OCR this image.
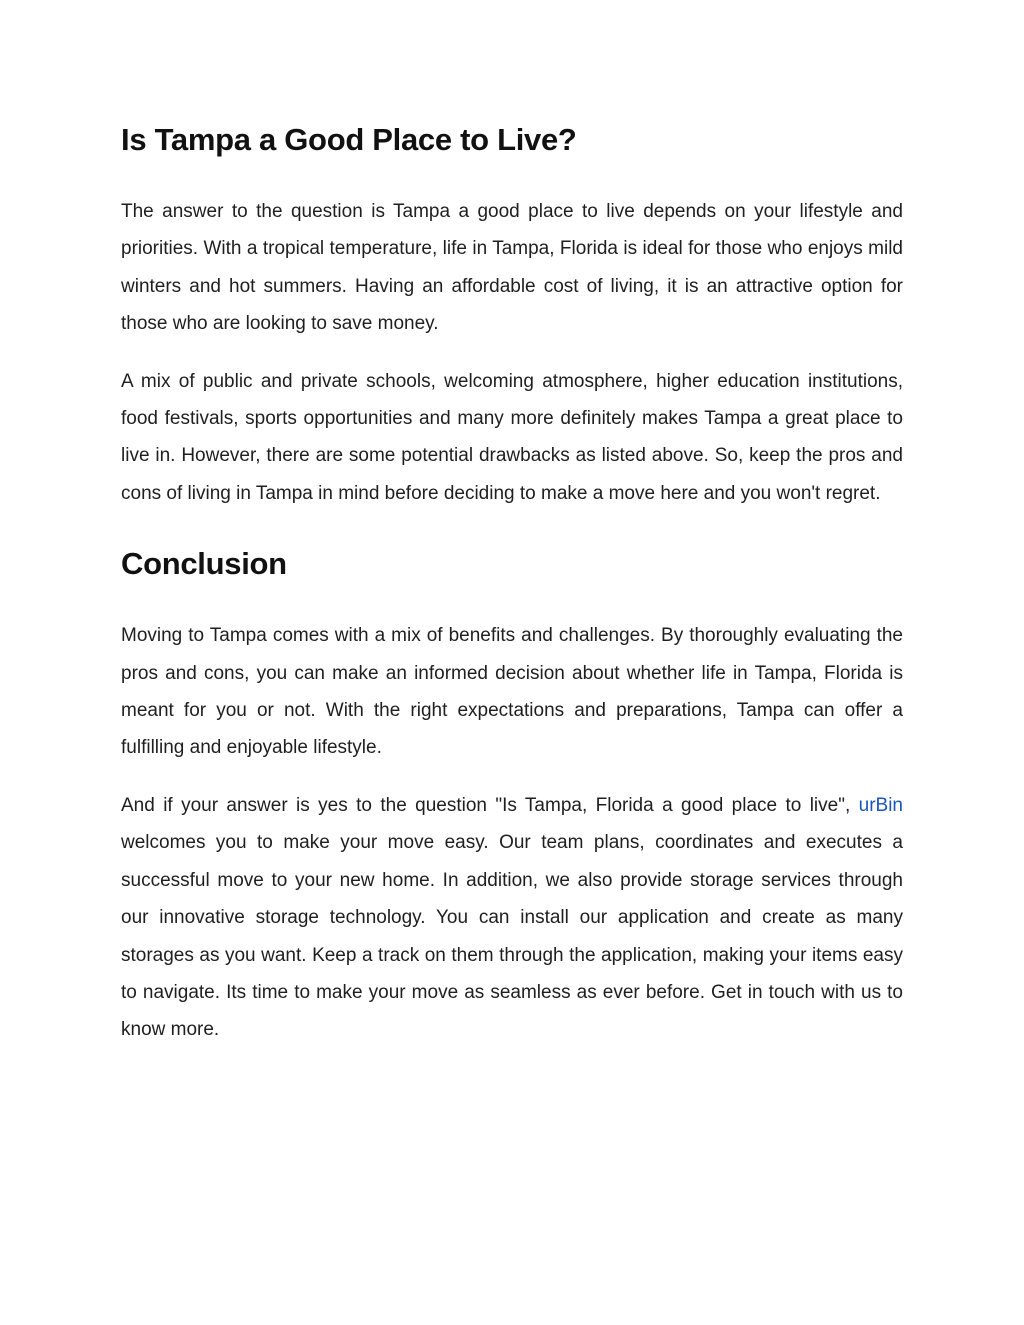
Is Tampa a Good Place to Live?

The answer to the question is Tampa a good place to live depends on your lifestyle and priorities. With a tropical temperature, life in Tampa, Florida is ideal for those who enjoys mild winters and hot summers. Having an affordable cost of living, it is an attractive option for those who are looking to save money.

A mix of public and private schools, welcoming atmosphere, higher education institutions, food festivals, sports opportunities and many more definitely makes Tampa a great place to live in. However, there are some potential drawbacks as listed above. So, keep the pros and cons of living in Tampa in mind before deciding to make a move here and you won't regret.

Conclusion

Moving to Tampa comes with a mix of benefits and challenges. By thoroughly evaluating the pros and cons, you can make an informed decision about whether life in Tampa, Florida is meant for you or not. With the right expectations and preparations, Tampa can offer a fulfilling and enjoyable lifestyle.

And if your answer is yes to the question "Is Tampa, Florida a good place to live", urBin welcomes you to make your move easy. Our team plans, coordinates and executes a successful move to your new home. In addition, we also provide storage services through our innovative storage technology. You can install our application and create as many storages as you want. Keep a track on them through the application, making your items easy to navigate. Its time to make your move as seamless as ever before. Get in touch with us to know more.
